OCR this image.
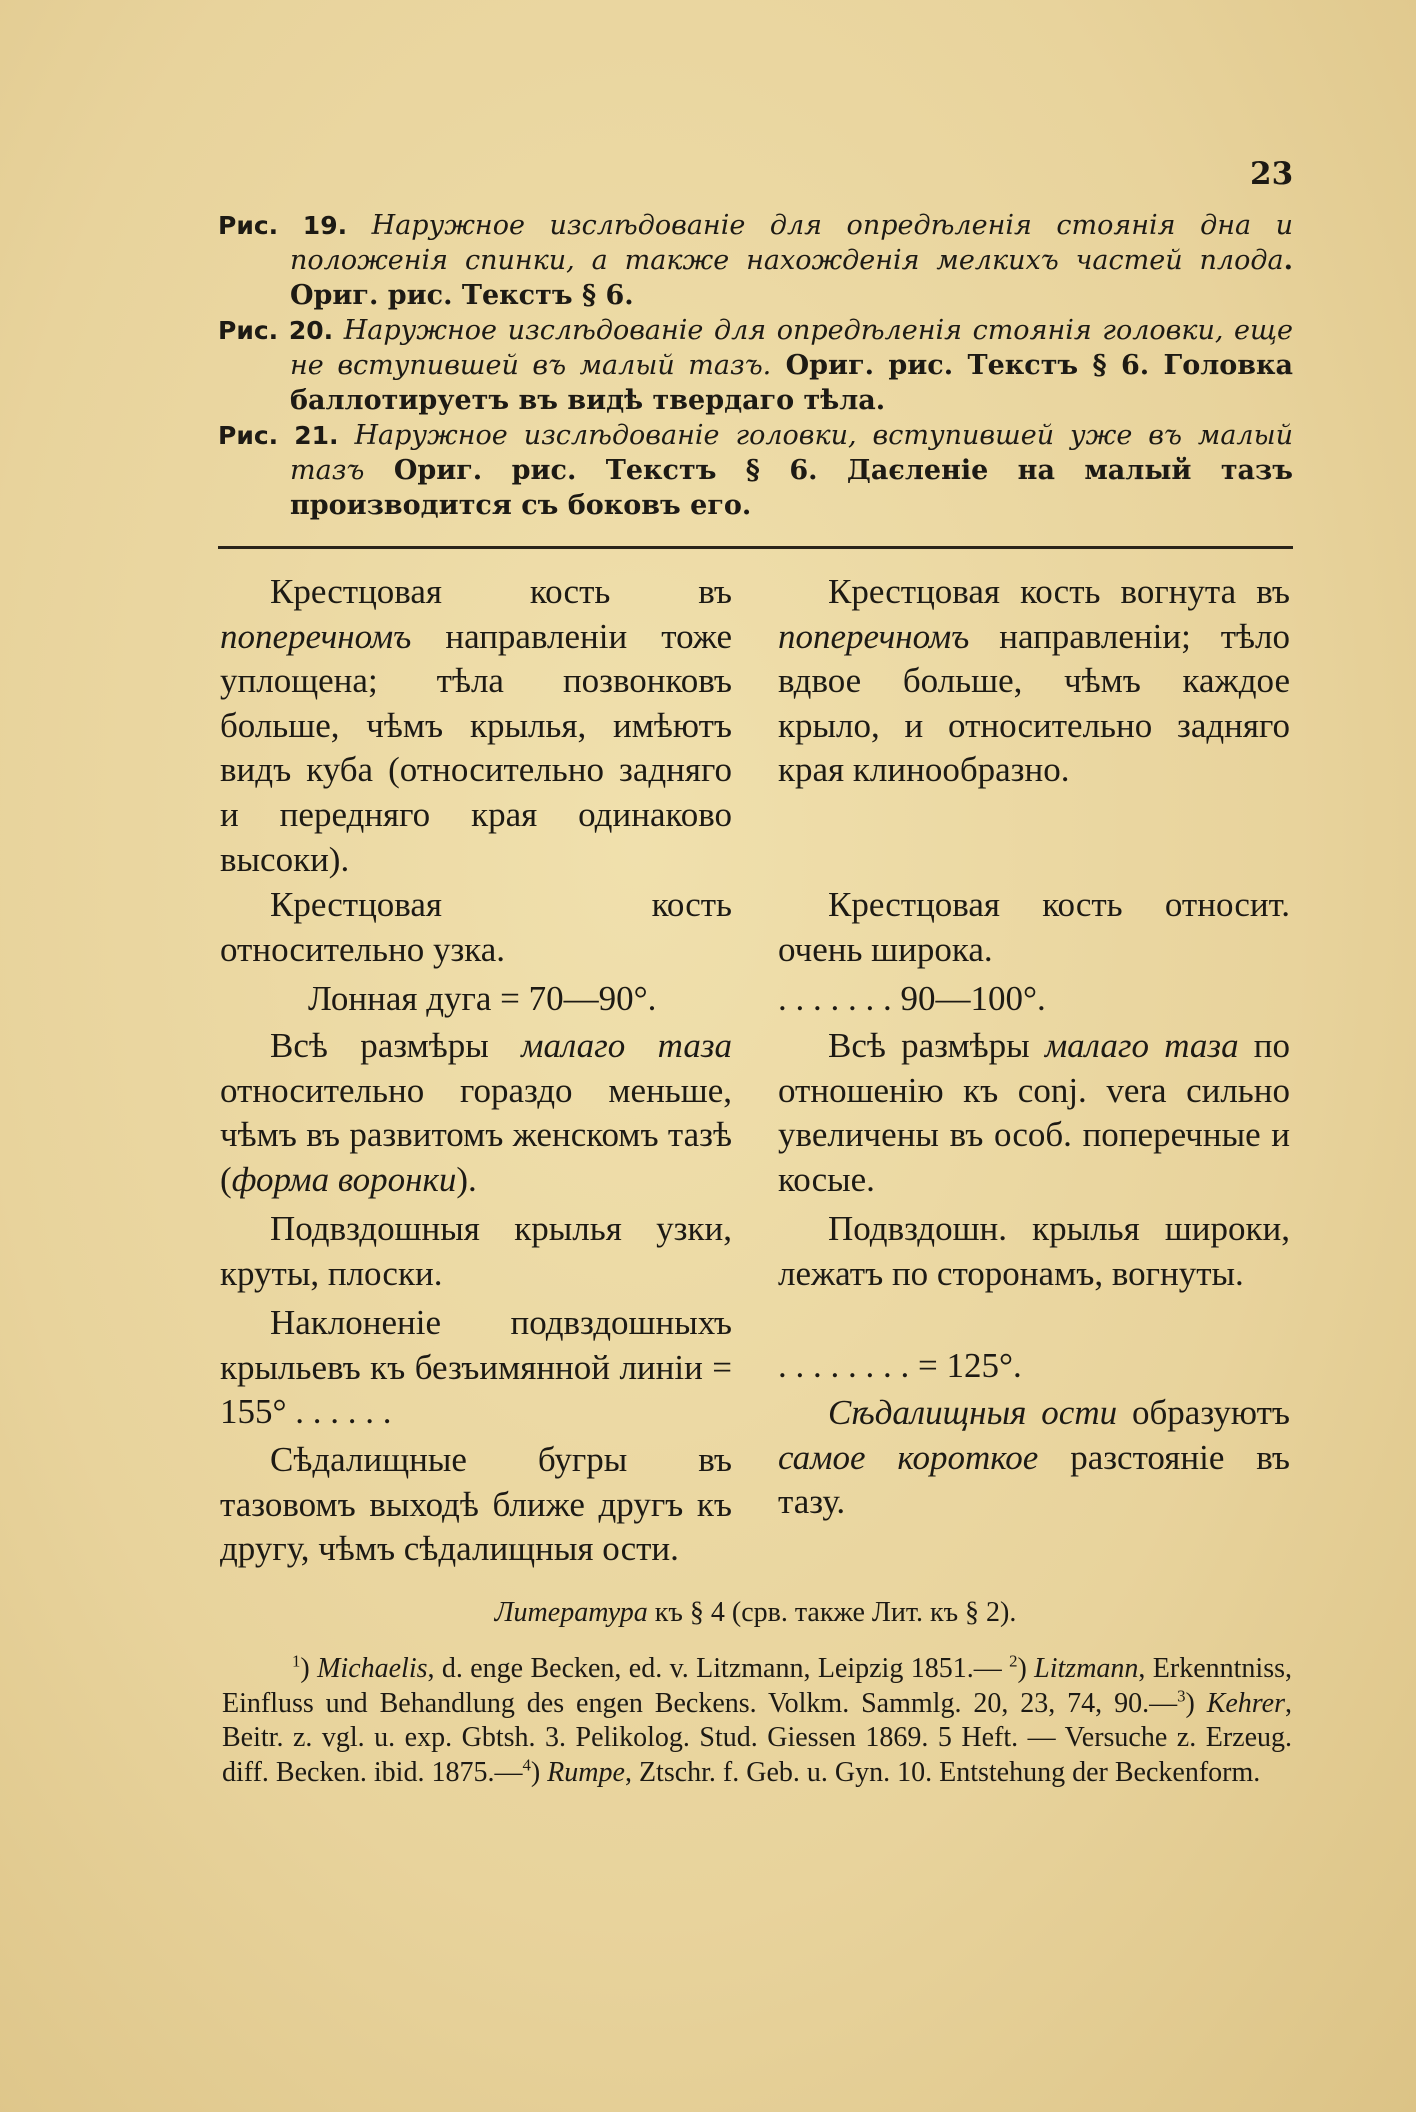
23

Рис. 19. Наружное изслѣдованіе для опредѣленія стоянія дна и положенія спинки, а также нахожденія мелкихъ частей плода. Ориг. рис. Текстъ § 6.

Рис. 20. Наружное изслѣдованіе для опредѣленія стоянія головки, еще не вступившей въ малый тазъ. Ориг. рис. Текстъ § 6. Головка баллотируетъ въ видѣ твердаго тѣла.

Рис. 21. Наружное изслѣдованіе головки, вступившей уже въ малый тазъ Ориг. рис. Текстъ § 6. Даєленіе на малый тазъ производится съ боковъ его.

Крестцовая кость въ поперечномъ направленіи тоже уплощена; тѣла позвонковъ больше, чѣмъ крылья, имѣютъ видъ куба (относительно задняго и передняго края одинаково высоки).

Крестцовая кость относительно узка.

Лонная дуга = 70—90°.

Всѣ размѣры малаго таза относительно гораздо меньше, чѣмъ въ развитомъ женскомъ тазѣ (форма воронки).

Подвздошныя крылья узки, круты, плоски.

Наклоненіе подвздошныхъ крыльевъ къ безъимянной линіи = 155° . . . . . .

Сѣдалищные бугры въ тазовомъ выходѣ ближе другъ къ другу, чѣмъ сѣдалищныя ости.

Крестцовая кость вогнута въ поперечномъ направленіи; тѣло вдвое больше, чѣмъ каждое крыло, и относительно задняго края клинообразно.

Крестцовая кость относит. очень широка.

. . . . . . . 90—100°.

Всѣ размѣры малаго таза по отношенію къ conj. vera сильно увеличены въ особ. поперечные и косые.

Подвздошн. крылья широки, лежатъ по сторонамъ, вогнуты.

. . . . . . . . = 125°.

Сѣдалищныя ости образуютъ самое короткое разстояніе въ тазу.

Литература къ § 4 (срв. также Лит. къ § 2).
$^1$) Michaelis, d. enge Becken, ed. v. Litzmann, Leipzig 1851.— $^2$) Litzmann, Erkenntniss, Einfluss und Behandlung des engen Beckens. Volkm. Sammlg. 20, 23, 74, 90.—$^3$) Kehrer, Beitr. z. vgl. u. exp. Gbtsh. 3. Pelikolog. Stud. Giessen 1869. 5 Heft. — Versuche z. Erzeug. diff. Becken. ibid. 1875.—$^4$) Rumpe, Ztschr. f. Geb. u. Gyn. 10. Entstehung der Beckenform.
